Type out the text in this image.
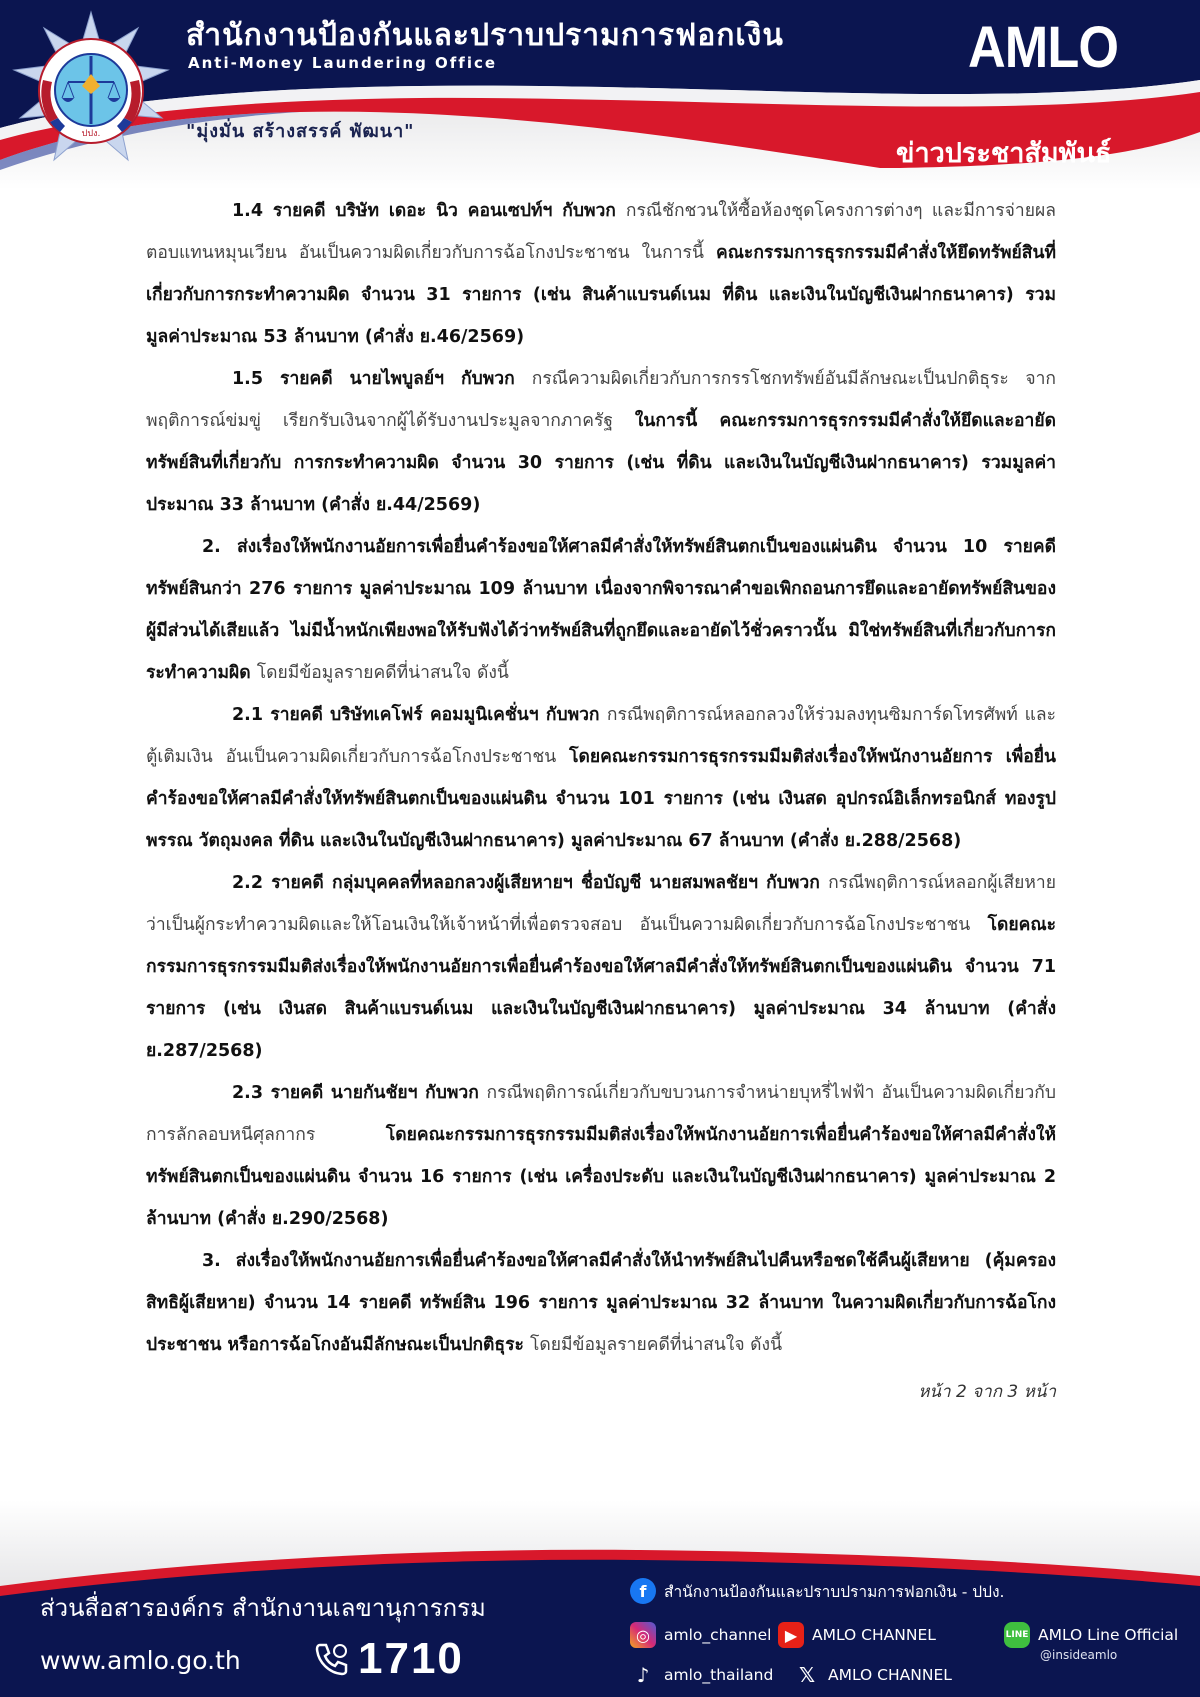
ปปง.
สำนักงานป้องกันและปราบปรามการฟอกเงิน
Anti-Money Laundering Office	AMLO
"มุ่งมั่น สร้างสรรค์ พัฒนา"
ข่าวประชาสัมพันธ์

1.4 รายคดี บริษัท เดอะ นิว คอนเซปท์ฯ กับพวก กรณีชักชวนให้ซื้อห้องชุดโครงการต่างๆ และมีการจ่ายผลตอบแทนหมุนเวียน อันเป็นความผิดเกี่ยวกับการฉ้อโกงประชาชน ในการนี้ คณะกรรมการธุรกรรมมีคำสั่งให้ยึดทรัพย์สินที่เกี่ยวกับการกระทำความผิด จำนวน 31 รายการ (เช่น สินค้าแบรนด์เนม ที่ดิน และเงินในบัญชีเงินฝากธนาคาร) รวมมูลค่าประมาณ 53 ล้านบาท (คำสั่ง ย.46/2569)

1.5 รายคดี นายไพบูลย์ฯ กับพวก กรณีความผิดเกี่ยวกับการกรรโชกทรัพย์อันมีลักษณะเป็นปกติธุระ จากพฤติการณ์ข่มขู่ เรียกรับเงินจากผู้ได้รับงานประมูลจากภาครัฐ ในการนี้ คณะกรรมการธุรกรรมมีคำสั่งให้ยึดและอายัดทรัพย์สินที่เกี่ยวกับ การกระทำความผิด จำนวน 30 รายการ (เช่น ที่ดิน และเงินในบัญชีเงินฝากธนาคาร) รวมมูลค่าประมาณ 33 ล้านบาท (คำสั่ง ย.44/2569)

2. ส่งเรื่องให้พนักงานอัยการเพื่อยื่นคำร้องขอให้ศาลมีคำสั่งให้ทรัพย์สินตกเป็นของแผ่นดิน จำนวน 10 รายคดี ทรัพย์สินกว่า 276 รายการ มูลค่าประมาณ 109 ล้านบาท เนื่องจากพิจารณาคำขอเพิกถอนการยึดและอายัดทรัพย์สินของผู้มีส่วนได้เสียแล้ว ไม่มีน้ำหนักเพียงพอให้รับฟังได้ว่าทรัพย์สินที่ถูกยึดและอายัดไว้ชั่วคราวนั้น มิใช่ทรัพย์สินที่เกี่ยวกับการกระทำความผิด โดยมีข้อมูลรายคดีที่น่าสนใจ ดังนี้

2.1 รายคดี บริษัทเคโฟร์ คอมมูนิเคชั่นฯ กับพวก กรณีพฤติการณ์หลอกลวงให้ร่วมลงทุนซิมการ์ดโทรศัพท์ และตู้เติมเงิน อันเป็นความผิดเกี่ยวกับการฉ้อโกงประชาชน โดยคณะกรรมการธุรกรรมมีมติส่งเรื่องให้พนักงานอัยการ เพื่อยื่นคำร้องขอให้ศาลมีคำสั่งให้ทรัพย์สินตกเป็นของแผ่นดิน จำนวน 101 รายการ (เช่น เงินสด อุปกรณ์อิเล็กทรอนิกส์ ทองรูปพรรณ วัตถุมงคล ที่ดิน และเงินในบัญชีเงินฝากธนาคาร) มูลค่าประมาณ 67 ล้านบาท (คำสั่ง ย.288/2568)

2.2 รายคดี กลุ่มบุคคลที่หลอกลวงผู้เสียหายฯ ชื่อบัญชี นายสมพลชัยฯ กับพวก กรณีพฤติการณ์หลอกผู้เสียหายว่าเป็นผู้กระทำความผิดและให้โอนเงินให้เจ้าหน้าที่เพื่อตรวจสอบ อันเป็นความผิดเกี่ยวกับการฉ้อโกงประชาชน โดยคณะกรรมการธุรกรรมมีมติส่งเรื่องให้พนักงานอัยการเพื่อยื่นคำร้องขอให้ศาลมีคำสั่งให้ทรัพย์สินตกเป็นของแผ่นดิน จำนวน 71 รายการ (เช่น เงินสด สินค้าแบรนด์เนม และเงินในบัญชีเงินฝากธนาคาร) มูลค่าประมาณ 34 ล้านบาท (คำสั่ง ย.287/2568)

2.3 รายคดี นายกันชัยฯ กับพวก กรณีพฤติการณ์เกี่ยวกับขบวนการจำหน่ายบุหรี่ไฟฟ้า อันเป็นความผิดเกี่ยวกับการลักลอบหนีศุลกากร โดยคณะกรรมการธุรกรรมมีมติส่งเรื่องให้พนักงานอัยการเพื่อยื่นคำร้องขอให้ศาลมีคำสั่งให้ทรัพย์สินตกเป็นของแผ่นดิน จำนวน 16 รายการ (เช่น เครื่องประดับ และเงินในบัญชีเงินฝากธนาคาร) มูลค่าประมาณ 2 ล้านบาท (คำสั่ง ย.290/2568)

3. ส่งเรื่องให้พนักงานอัยการเพื่อยื่นคำร้องขอให้ศาลมีคำสั่งให้นำทรัพย์สินไปคืนหรือชดใช้คืนผู้เสียหาย (คุ้มครองสิทธิผู้เสียหาย) จำนวน 14 รายคดี ทรัพย์สิน 196 รายการ มูลค่าประมาณ 32 ล้านบาท ในความผิดเกี่ยวกับการฉ้อโกงประชาชน หรือการฉ้อโกงอันมีลักษณะเป็นปกติธุระ โดยมีข้อมูลรายคดีที่น่าสนใจ ดังนี้

หน้า 2 จาก 3 หน้า
ส่วนสื่อสารองค์กร สำนักงานเลขานุการกรม
www.amlo.go.th	1710
f	สำนักงานป้องกันและปราบปรามการฟอกเงิน - ปปง.
◎ amlo_channel ▶ AMLO CHANNEL	LINE AMLO Line Official
@insideamlo
♪ amlo_thailand 𝕏 AMLO CHANNEL
